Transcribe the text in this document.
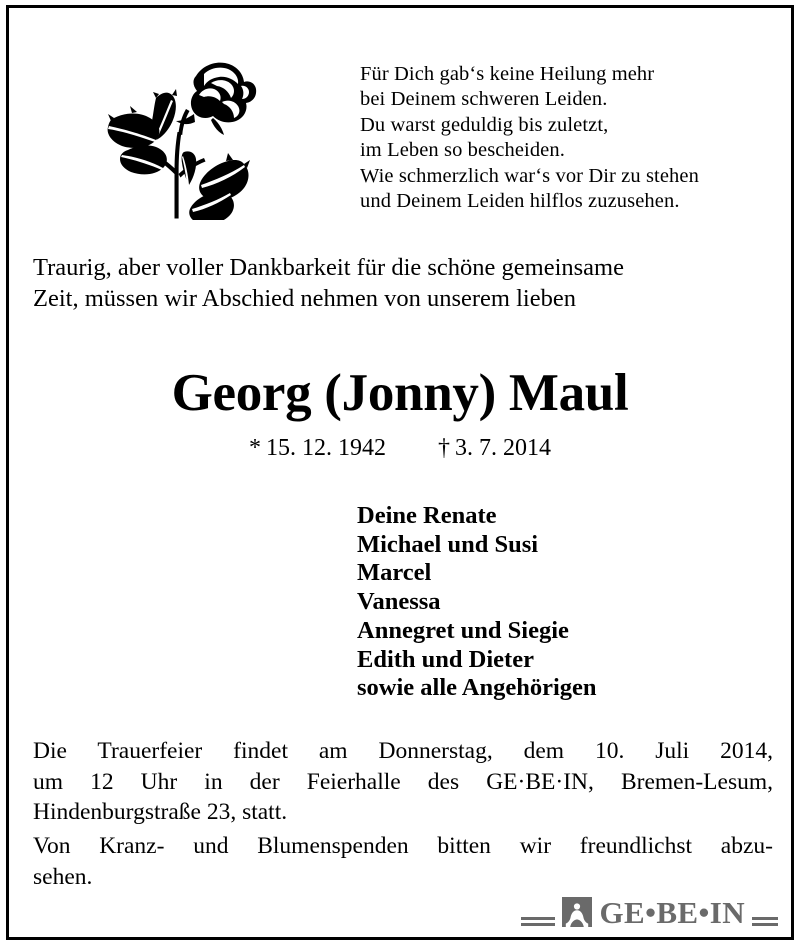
Für Dich gab‘s keine Heilung mehr
bei Deinem schweren Leiden.
Du warst geduldig bis zuletzt,
im Leben so bescheiden.
Wie schmerzlich war‘s vor Dir zu stehen
und Deinem Leiden hilflos zuzusehen.
Traurig, aber voller Dankbarkeit für die schöne gemeinsame
Zeit, müssen wir Abschied nehmen von unserem lieben
Georg (Jonny) Maul
* 15. 12. 1942 † 3. 7. 2014
Deine Renate
Michael und Susi
Marcel
Vanessa
Annegret und Siegie
Edith und Dieter
sowie alle Angehörigen
Die Trauerfeier findet am Donnerstag, dem 10. Juli 2014,
um 12 Uhr in der Feierhalle des GE·BE·IN, Bremen-Lesum,
Hindenburgstraße 23, statt.
Von Kranz- und Blumenspenden bitten wir freundlichst abzu-
sehen.
GE•BE•IN
